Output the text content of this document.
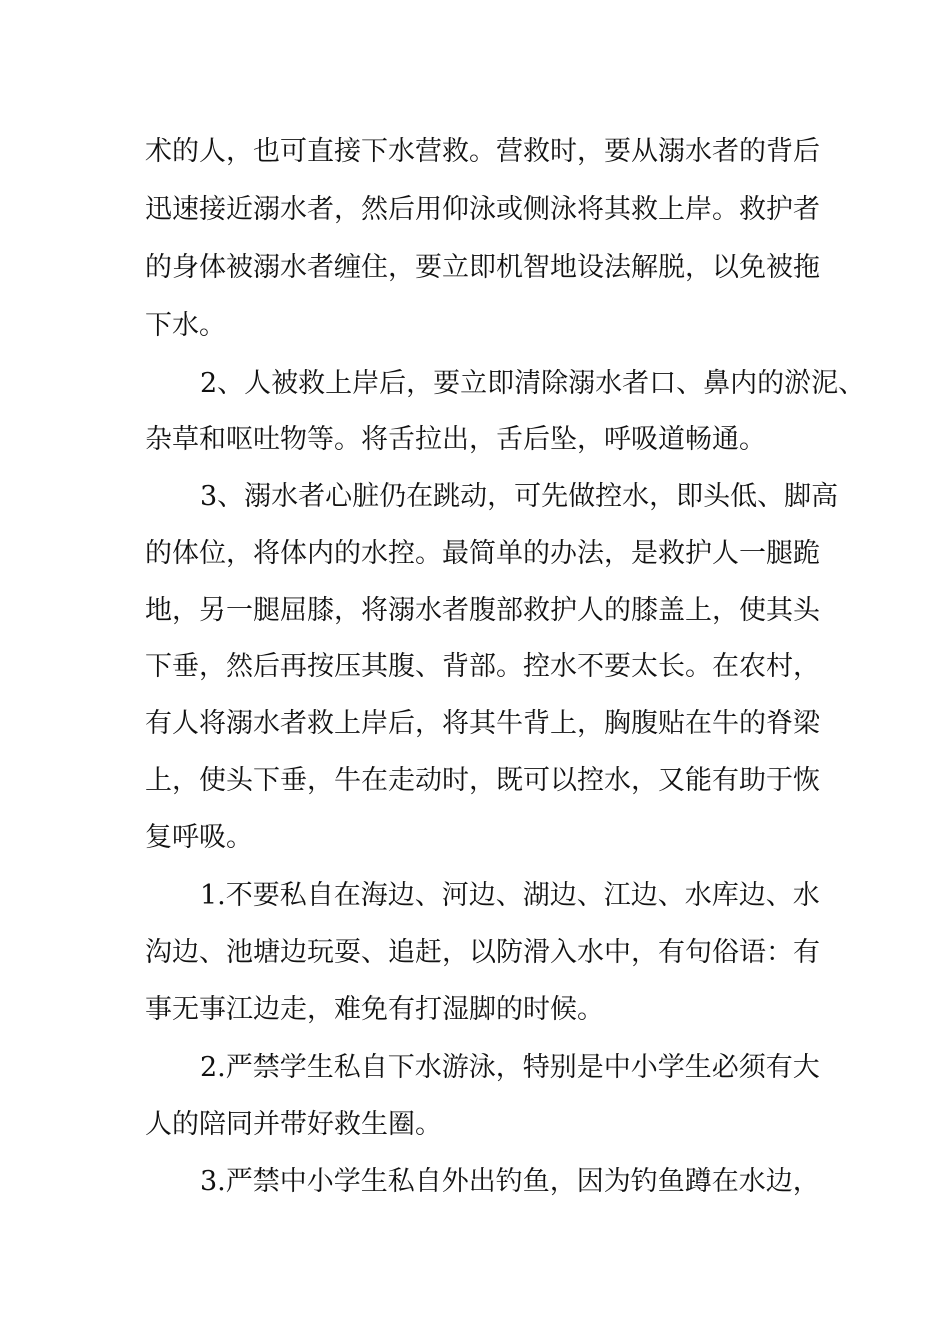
术的人，也可直接下水营救。营救时，要从溺水者的背后
迅速接近溺水者，然后用仰泳或侧泳将其救上岸。救护者
的身体被溺水者缠住，要立即机智地设法解脱，以免被拖
下水。
2、人被救上岸后，要立即清除溺水者口、鼻内的淤泥、
杂草和呕吐物等。将舌拉出，舌后坠，呼吸道畅通。
3、溺水者心脏仍在跳动，可先做控水，即头低、脚高
的体位，将体内的水控。最简单的办法，是救护人一腿跪
地，另一腿屈膝，将溺水者腹部救护人的膝盖上，使其头
下垂，然后再按压其腹、背部。控水不要太长。在农村，
有人将溺水者救上岸后，将其牛背上，胸腹贴在牛的脊梁
上，使头下垂，牛在走动时，既可以控水，又能有助于恢
复呼吸。
1.不要私自在海边、河边、湖边、江边、水库边、水
沟边、池塘边玩耍、追赶，以防滑入水中，有句俗语：有
事无事江边走，难免有打湿脚的时候。
2.严禁学生私自下水游泳，特别是中小学生必须有大
人的陪同并带好救生圈。
3.严禁中小学生私自外出钓鱼，因为钓鱼蹲在水边，
